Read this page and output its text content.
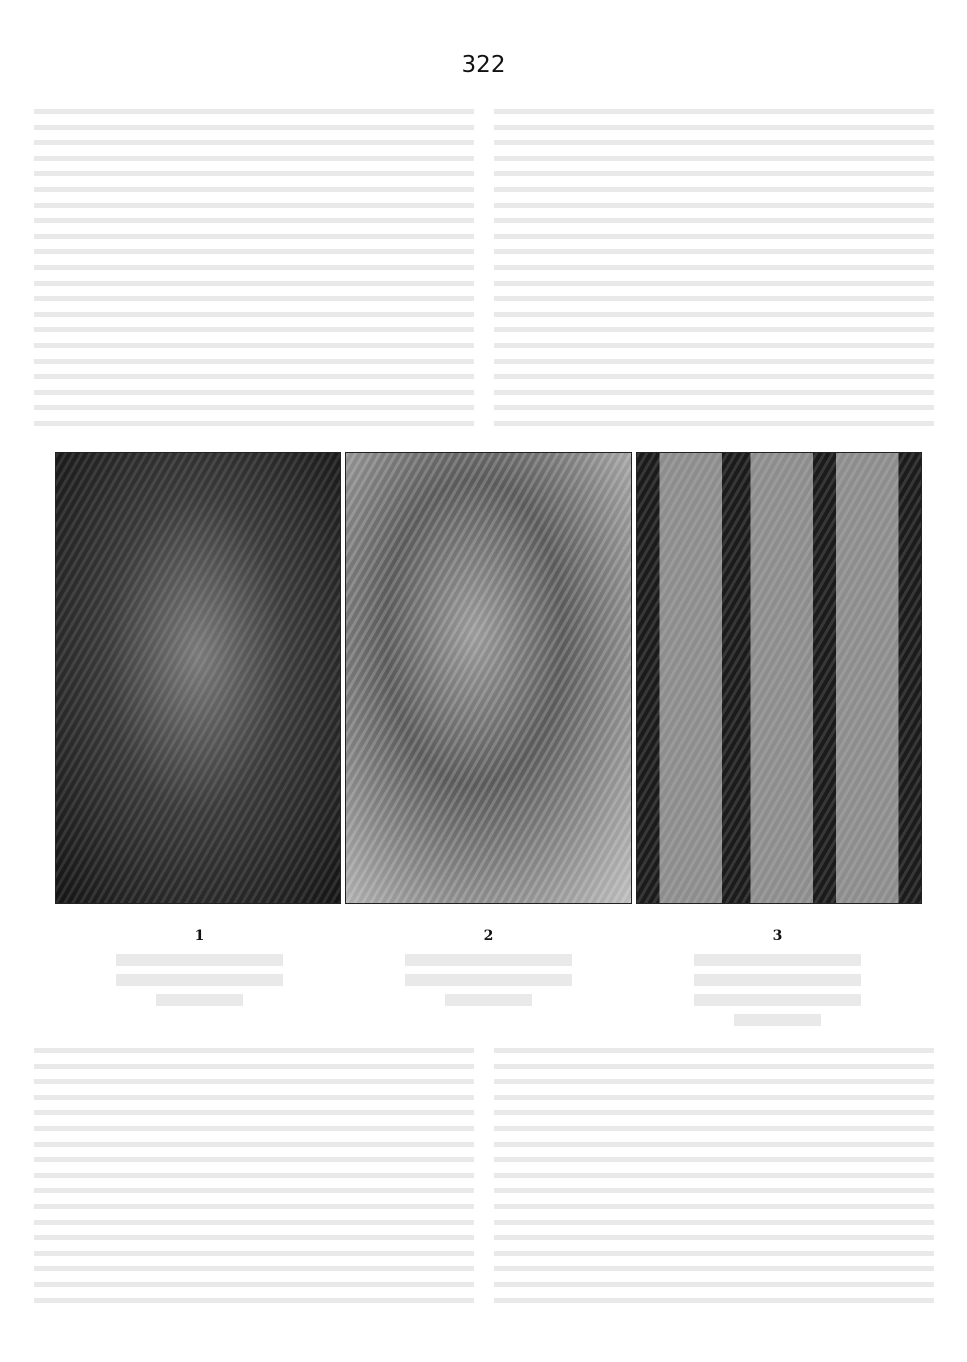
322

1	2	3
